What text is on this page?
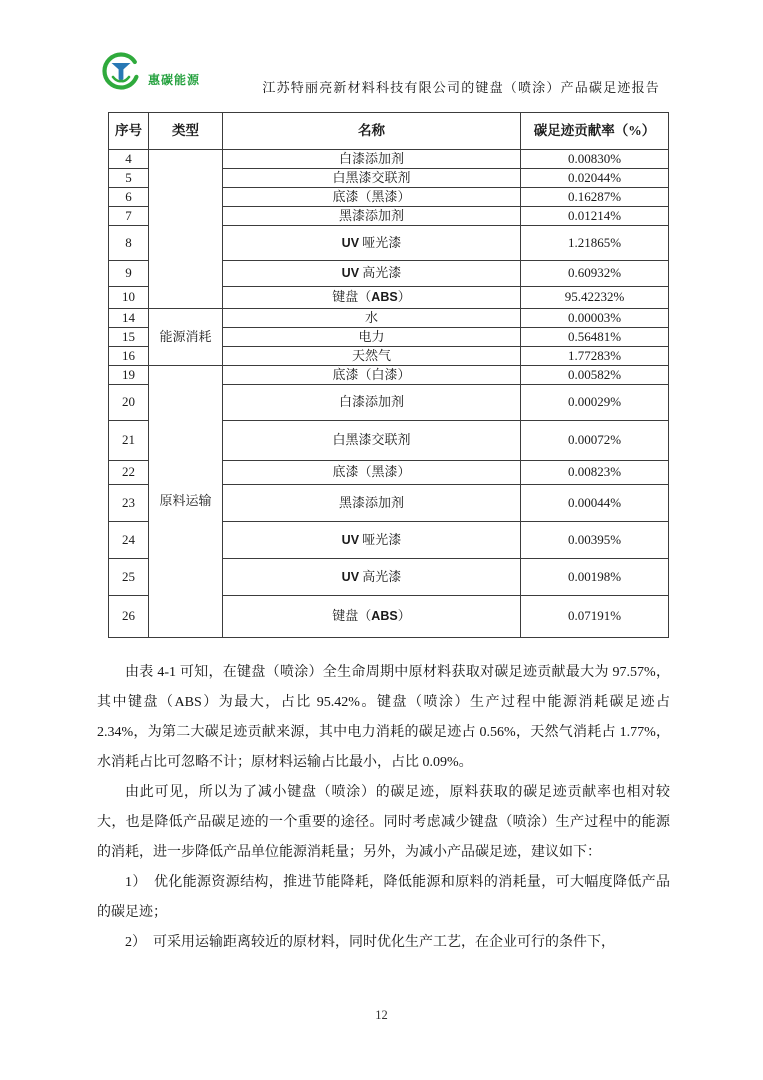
惠碳能源	江苏特丽亮新材料科技有限公司的键盘（喷涂）产品碳足迹报告
序号	类型	名称	碳足迹贡献率（%）
4		白漆添加剂	0.00830%
5		白黑漆交联剂	0.02044%
6		底漆（黑漆）	0.16287%
7		黑漆添加剂	0.01214%
8		UV 哑光漆	1.21865%
9		UV 高光漆	0.60932%
10		键盘（ABS）	95.42232%
14	能源消耗	水	0.00003%
15		电力	0.56481%
16		天然气	1.77283%
19	原料运输	底漆（白漆）	0.00582%
20		白漆添加剂	0.00029%
21		白黑漆交联剂	0.00072%
22		底漆（黑漆）	0.00823%
23		黑漆添加剂	0.00044%
24		UV 哑光漆	0.00395%
25		UV 高光漆	0.00198%
26		键盘（ABS）	0.07191%

由表 4-1 可知，在键盘（喷涂）全生命周期中原材料获取对碳足迹贡献最大为 97.57%，其中键盘（ABS）为最大，占比 95.42%。键盘（喷涂）生产过程中能源消耗碳足迹占 2.34%，为第二大碳足迹贡献来源，其中电力消耗的碳足迹占 0.56%，天然气消耗占 1.77%，水消耗占比可忽略不计；原材料运输占比最小，占比 0.09%。

由此可见，所以为了减小键盘（喷涂）的碳足迹，原料获取的碳足迹贡献率也相对较大，也是降低产品碳足迹的一个重要的途径。同时考虑减少键盘（喷涂）生产过程中的能源的消耗，进一步降低产品单位能源消耗量；另外，为减小产品碳足迹，建议如下：

1）　优化能源资源结构，推进节能降耗，降低能源和原料的消耗量，可大幅度降低产品的碳足迹；

2）　可采用运输距离较近的原材料，同时优化生产工艺，在企业可行的条件下，

12
